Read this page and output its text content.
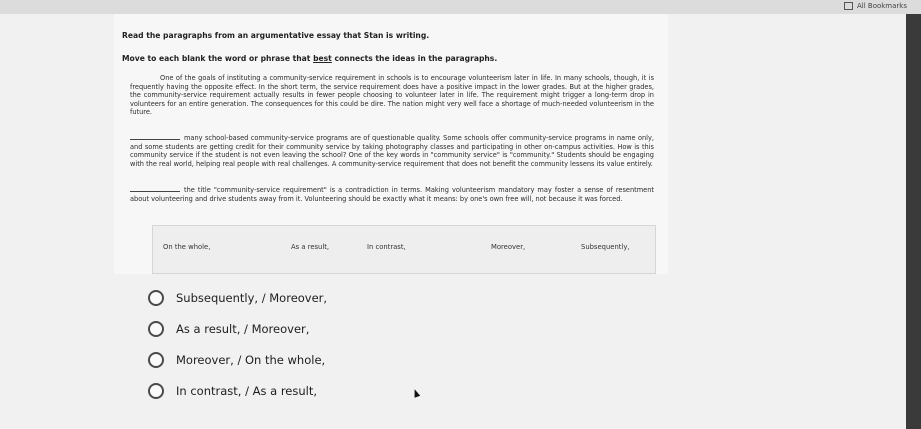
All Bookmarks
Read the paragraphs from an argumentative essay that Stan is writing.
Move to each blank the word or phrase that best connects the ideas in the paragraphs.
One of the goals of instituting a community-service requirement in schools is to encourage volunteerism later in life. In many schools, though, it is frequently having the opposite effect. In the short term, the service requirement does have a positive impact in the lower grades. But at the higher grades, the community-service requirement actually results in fewer people choosing to volunteer later in life. The requirement might trigger a long-term drop in volunteers for an entire generation. The consequences for this could be dire. The nation might very well face a shortage of much-needed volunteerism in the future.
many school-based community-service programs are of questionable quality. Some schools offer community-service programs in name only, and some students are getting credit for their community service by taking photography classes and participating in other on-campus activities. How is this community service if the student is not even leaving the school? One of the key words in "community service" is "community." Students should be engaging with the real world, helping real people with real challenges. A community-service requirement that does not benefit the community lessens its value entirely.
the title "community-service requirement" is a contradiction in terms. Making volunteerism mandatory may foster a sense of resentment about volunteering and drive students away from it. Volunteering should be exactly what it means: by one's own free will, not because it was forced.
On the whole,	As a result,	In contrast,	Moreover,	Subsequently,
Subsequently, / Moreover,
As a result, / Moreover,
Moreover, / On the whole,
In contrast, / As a result,
